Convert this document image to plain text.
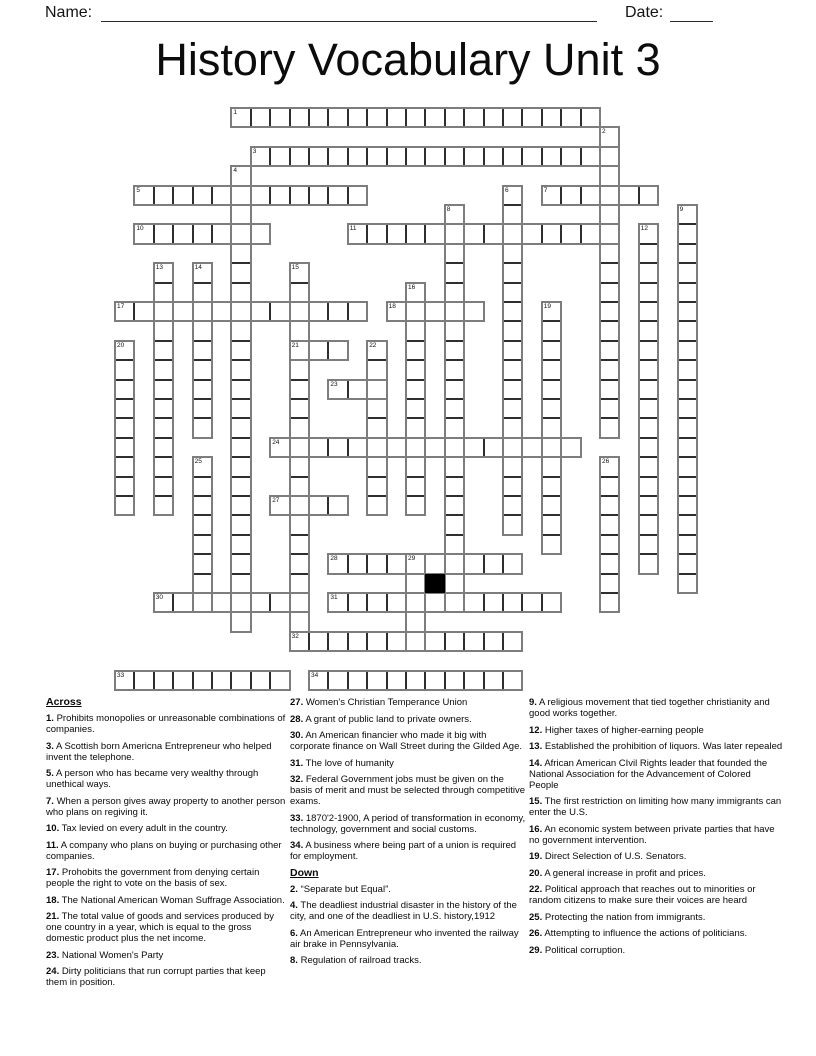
Name:	Date:
History Vocabulary Unit 3
1
2
3
4
5	6	7
8	9
10	11	12
13	14	15
21
16
17	18	19
20	22
23
24
25	26
27
28	29
30	31
32
33	34
Across

1. Prohibits monopolies or unreasonable combinations of companies.

3. A Scottish born Americna Entrepreneur who helped invent the telephone.

5. A person who has became very wealthy through unethical ways.

7. When a person gives away property to another person who plans on regiving it.

10. Tax levied on every adult in the country.

11. A company who plans on buying or purchasing other companies.

17. Prohobits the government from denying certain people the right to vote on the basis of sex.

18. The National American Woman Suffrage Association.

21. The total value of goods and services produced by one country in a year, which is equal to the gross domestic product plus the net income.

23. National Women's Party

24. Dirty politicians that run corrupt parties that keep them in position.

27. Women's Christian Temperance Union

28. A grant of public land to private owners.

30. An American financier who made it big with corporate finance on Wall Street during the Gilded Age.

31. The love of humanity

32. Federal Government jobs must be given on the basis of merit and must be selected through competitive exams.

33. 1870'2-1900, A period of transformation in economy, technology, government and social customs.

34. A business where being part of a union is required for employment.

Down

2. “Separate but Equal”.

4. The deadliest industrial disaster in the history of the city, and one of the deadliest in U.S. history,1912

6. An American Entrepreneur who invented the railway air brake in Pennsylvania.

8. Regulation of railroad tracks.

9. A religious movement that tied together christianity and good works together.

12. Higher taxes of higher-earning people

13. Established the prohibition of liquors. Was later repealed

14. African American CIvil Rights leader that founded the National Association for the Advancement of Colored People

15. The first restriction on limiting how many immigrants can enter the U.S.

16. An economic system between private parties that have no government intervention.

19. Direct Selection of U.S. Senators.

20. A general increase in profit and prices.

22. Political approach that reaches out to minorities or random citizens to make sure their voices are heard

25. Protecting the nation from immigrants.

26. Attempting to influence the actions of politicians.

29. Political corruption.
